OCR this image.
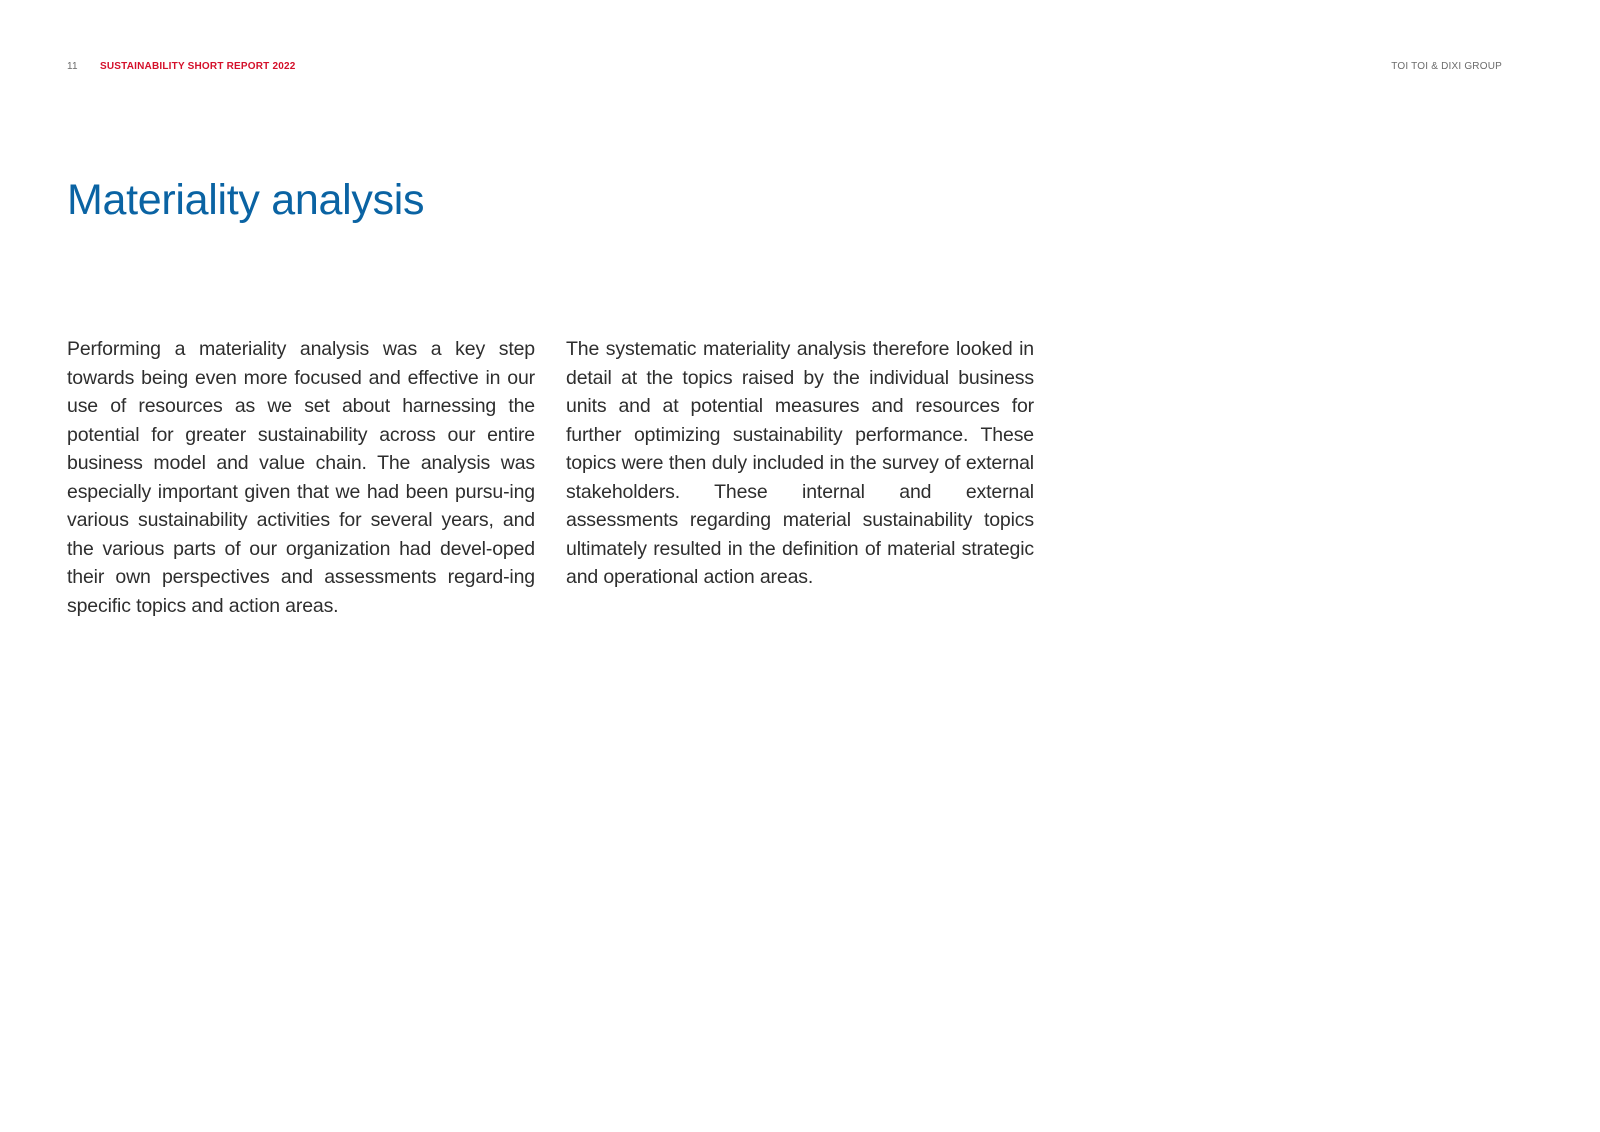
11 SUSTAINABILITY SHORT REPORT 2022	TOI TOI & DIXI GROUP
Materiality analysis

Performing a materiality analysis was a key step towards being even more focused and effective in our use of resources as we set about harnessing the potential for greater sustainability across our entire business model and value chain. The analysis was especially important given that we had been pursu-ing various sustainability activities for several years, and the various parts of our organization had devel-oped their own perspectives and assessments regard-ing specific topics and action areas.

The systematic materiality analysis therefore looked in detail at the topics raised by the individual business units and at potential measures and resources for further optimizing sustainability performance. These topics were then duly included in the survey of external stakeholders. These internal and external assessments regarding material sustainability topics ultimately resulted in the definition of material strategic and operational action areas.
